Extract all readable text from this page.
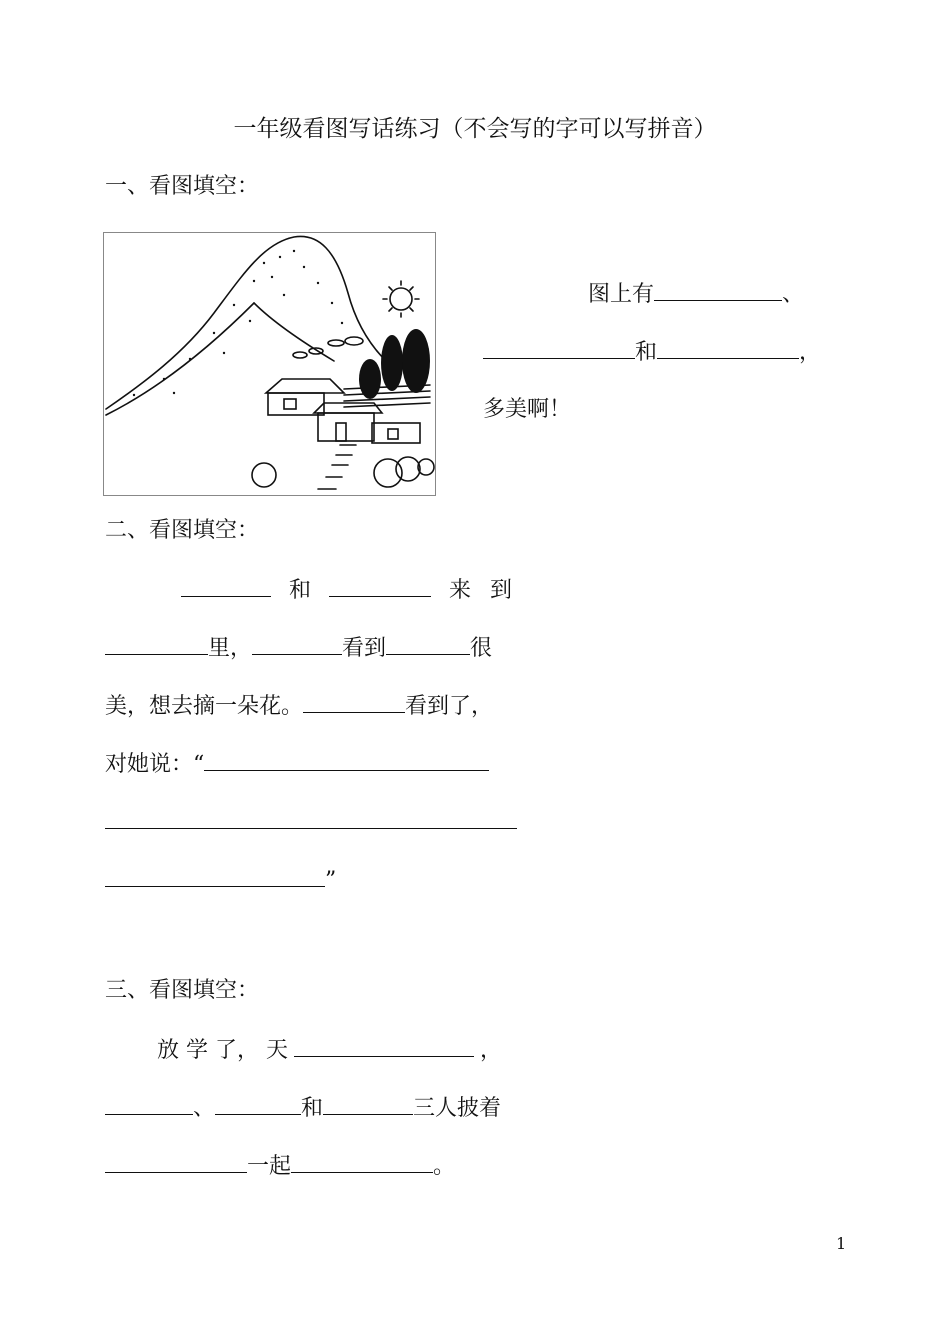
一年级看图写话练习（不会写的字可以写拼音）
一、看图填空：
图上有	、
和	，
多美啊！
二、看图填空：
和	来 到
里，	看到	很
美，想去摘一朵花。	看到了，
对她说：“
”
三、看图填空：
放 学 了， 天	，
、	和	三人披着
一起	。
1
